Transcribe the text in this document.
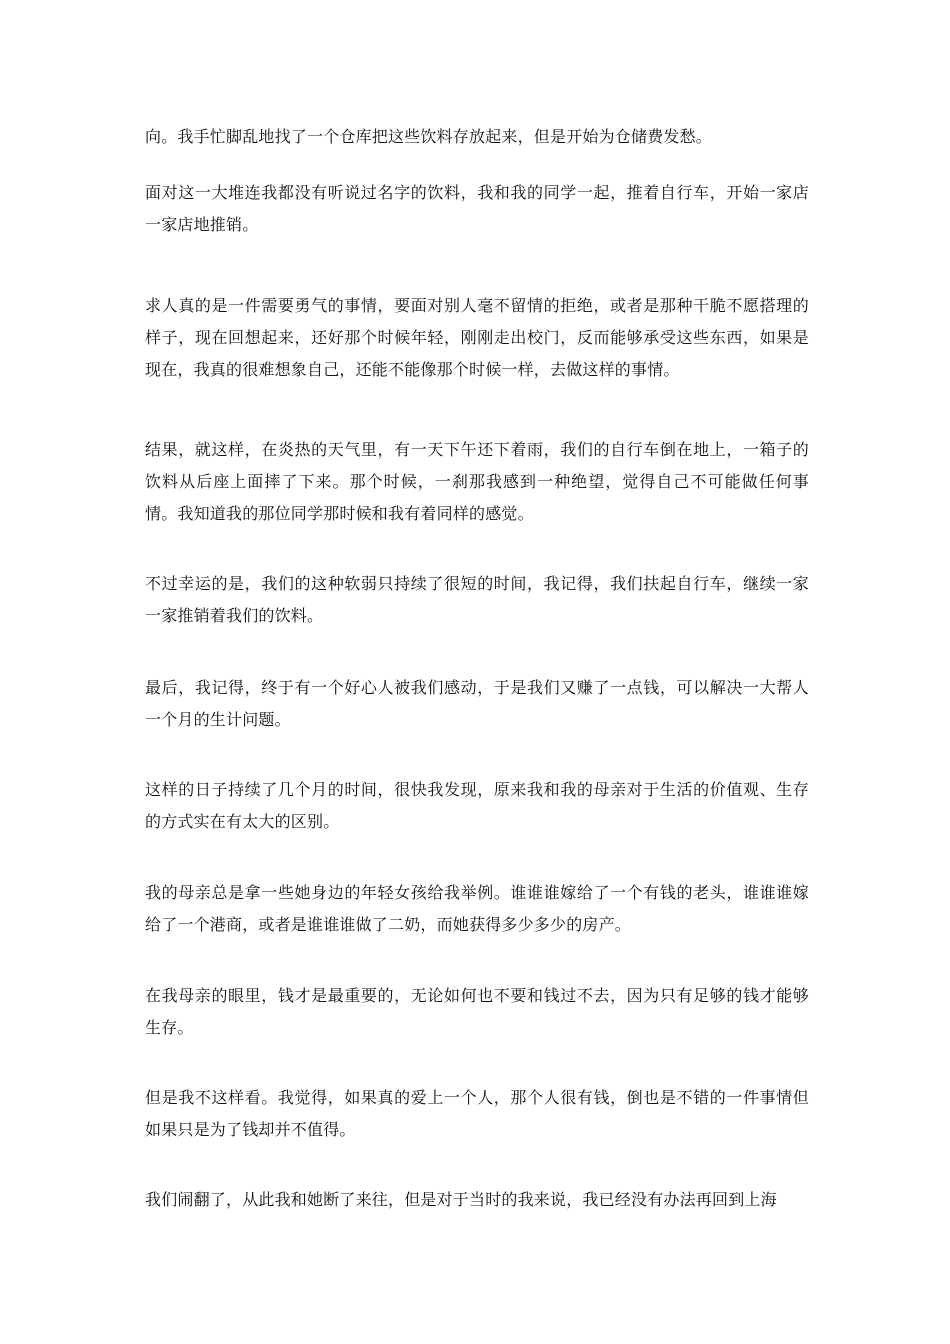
向。我手忙脚乱地找了一个仓库把这些饮料存放起来，但是开始为仓储费发愁。

面对这一大堆连我都没有听说过名字的饮料，我和我的同学一起，推着自行车，开始一家店一家店地推销。

求人真的是一件需要勇气的事情，要面对别人毫不留情的拒绝，或者是那种干脆不愿搭理的样子，现在回想起来，还好那个时候年轻，刚刚走出校门，反而能够承受这些东西，如果是现在，我真的很难想象自己，还能不能像那个时候一样，去做这样的事情。

结果，就这样，在炎热的天气里，有一天下午还下着雨，我们的自行车倒在地上，一箱子的饮料从后座上面摔了下来。那个时候，一刹那我感到一种绝望，觉得自己不可能做任何事情。我知道我的那位同学那时候和我有着同样的感觉。

不过幸运的是，我们的这种软弱只持续了很短的时间，我记得，我们扶起自行车，继续一家一家推销着我们的饮料。

最后，我记得，终于有一个好心人被我们感动，于是我们又赚了一点钱，可以解决一大帮人一个月的生计问题。

这样的日子持续了几个月的时间，很快我发现，原来我和我的母亲对于生活的价值观、生存的方式实在有太大的区别。

我的母亲总是拿一些她身边的年轻女孩给我举例。谁谁谁嫁给了一个有钱的老头，谁谁谁嫁给了一个港商，或者是谁谁谁做了二奶，而她获得多少多少的房产。

在我母亲的眼里，钱才是最重要的，无论如何也不要和钱过不去，因为只有足够的钱才能够生存。

但是我不这样看。我觉得，如果真的爱上一个人，那个人很有钱，倒也是不错的一件事情但如果只是为了钱却并不值得。

我们闹翻了，从此我和她断了来往，但是对于当时的我来说，我已经没有办法再回到上海
